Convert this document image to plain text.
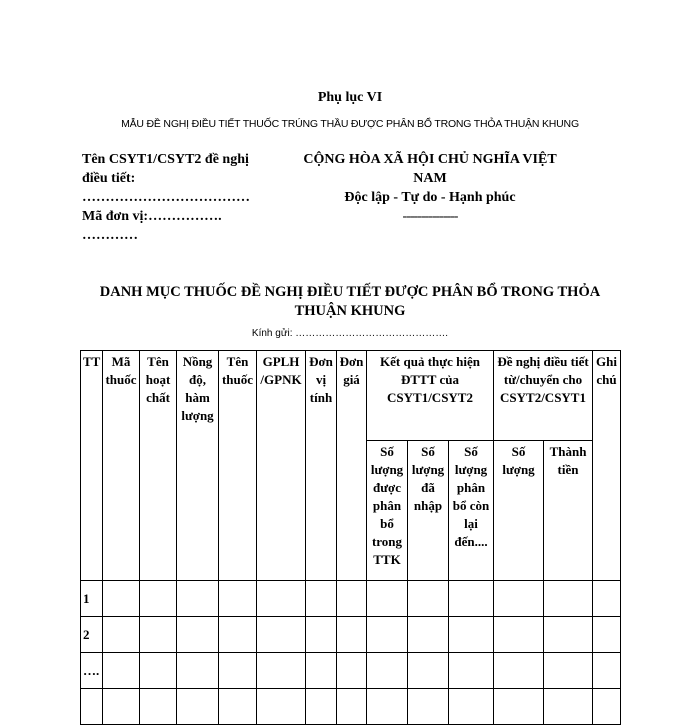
Phụ lục VI
MẪU ĐỀ NGHỊ ĐIỀU TIẾT THUỐC TRÚNG THẦU ĐƯỢC PHÂN BỔ TRONG THỎA THUẬN KHUNG
Tên CSYT1/CSYT2 đề nghị
điều tiết:
………………………………
Mã đơn vị:…………….
…………
CỘNG HÒA XÃ HỘI CHỦ NGHĨA VIỆT
NAM
Độc lập - Tự do - Hạnh phúc
---------------
DANH MỤC THUỐC ĐỀ NGHỊ ĐIỀU TIẾT ĐƯỢC PHÂN BỔ TRONG THỎA THUẬN KHUNG
Kính gửi: ……………………………………….
TT	Mã thuốc	Tên hoạt chất	Nồng độ, hàm lượng	Tên thuốc	GPLH /GPNK	Đơn vị tính	Đơn giá	Kết quả thực hiện ĐTTT của CSYT1/CSYT2			Đề nghị điều tiết từ/chuyển cho CSYT2/CSYT1		Ghi chú
								Số lượng được phân bổ trong TTK	Số lượng đã nhập	Số lượng phân bổ còn lại đến....	Số lượng	Thành tiền	
1													
2													
….													
